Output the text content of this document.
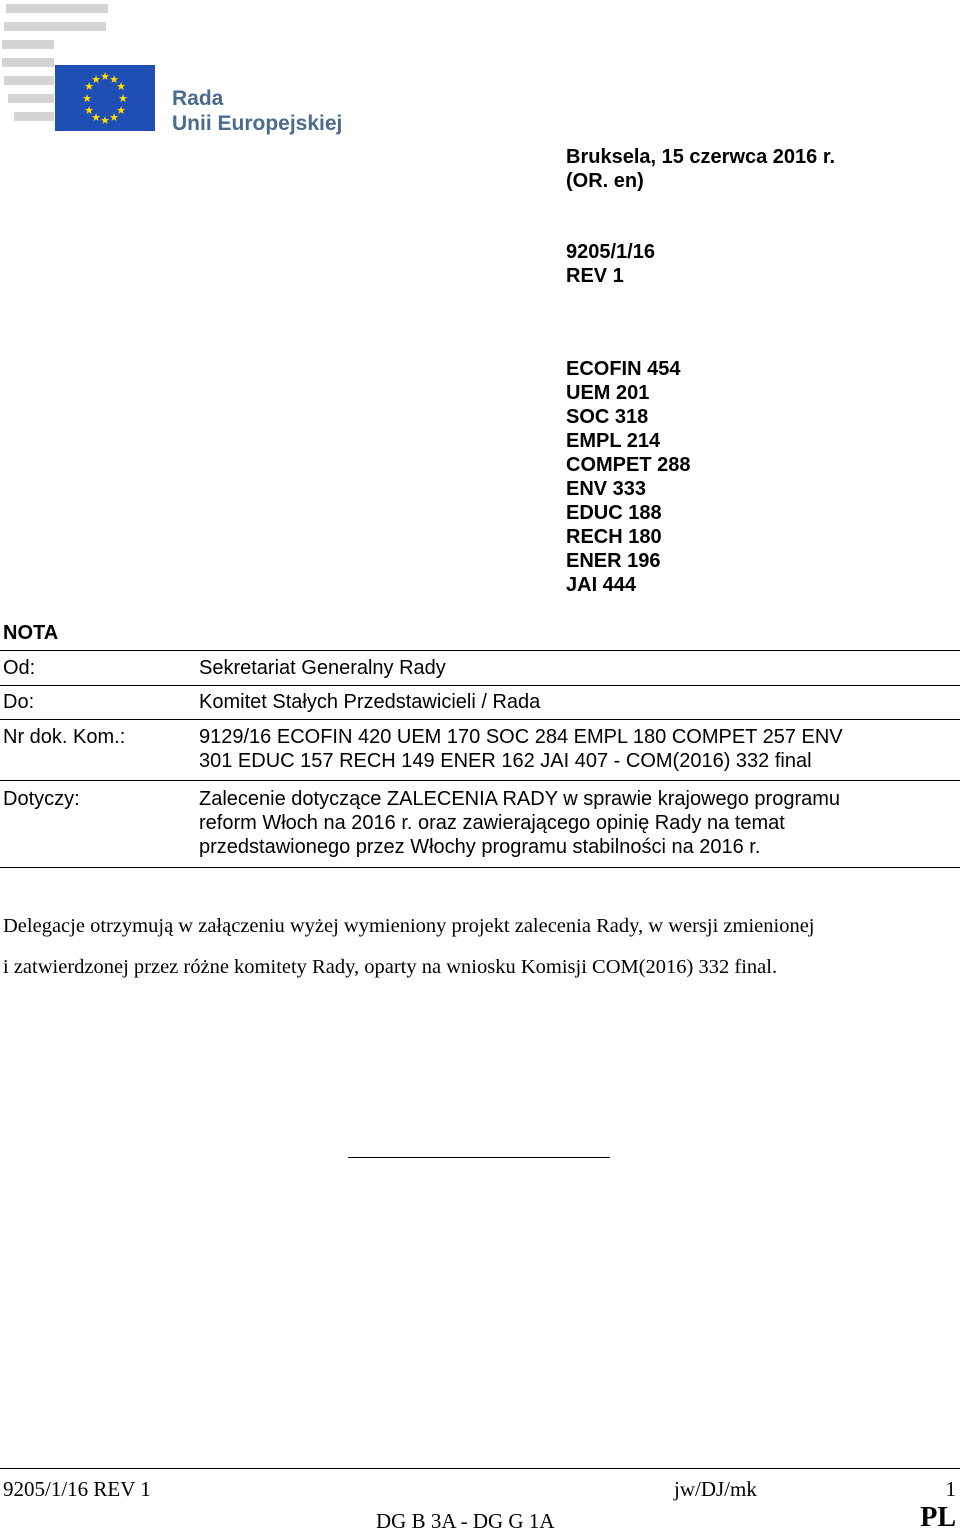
★ ★
★
★
★
★
★
★
★
★
★
★
Rada
Unii Europejskiej
Bruksela, 15 czerwca 2016 r.
(OR. en)
9205/1/16
REV 1
ECOFIN 454
UEM 201
SOC 318
EMPL 214
COMPET 288
ENV 333
EDUC 188
RECH 180
ENER 196
JAI 444
NOTA
Od:	Sekretariat Generalny Rady
Do:	Komitet Stałych Przedstawicieli / Rada
Nr dok. Kom.:	9129/16 ECOFIN 420 UEM 170 SOC 284 EMPL 180 COMPET 257 ENV
301 EDUC 157 RECH 149 ENER 162 JAI 407 - COM(2016) 332 final
Dotyczy:	Zalecenie dotyczące ZALECENIA RADY w sprawie krajowego programu
reform Włoch na 2016 r. oraz zawierającego opinię Rady na temat
przedstawionego przez Włochy programu stabilności na 2016 r.
Delegacje otrzymują w załączeniu wyżej wymieniony projekt zalecenia Rady, w wersji zmienionej
i zatwierdzonej przez różne komitety Rady, oparty na wniosku Komisji COM(2016) 332 final.
9205/1/16 REV 1	jw/DJ/mk	1
DG B 3A - DG G 1A	PL
